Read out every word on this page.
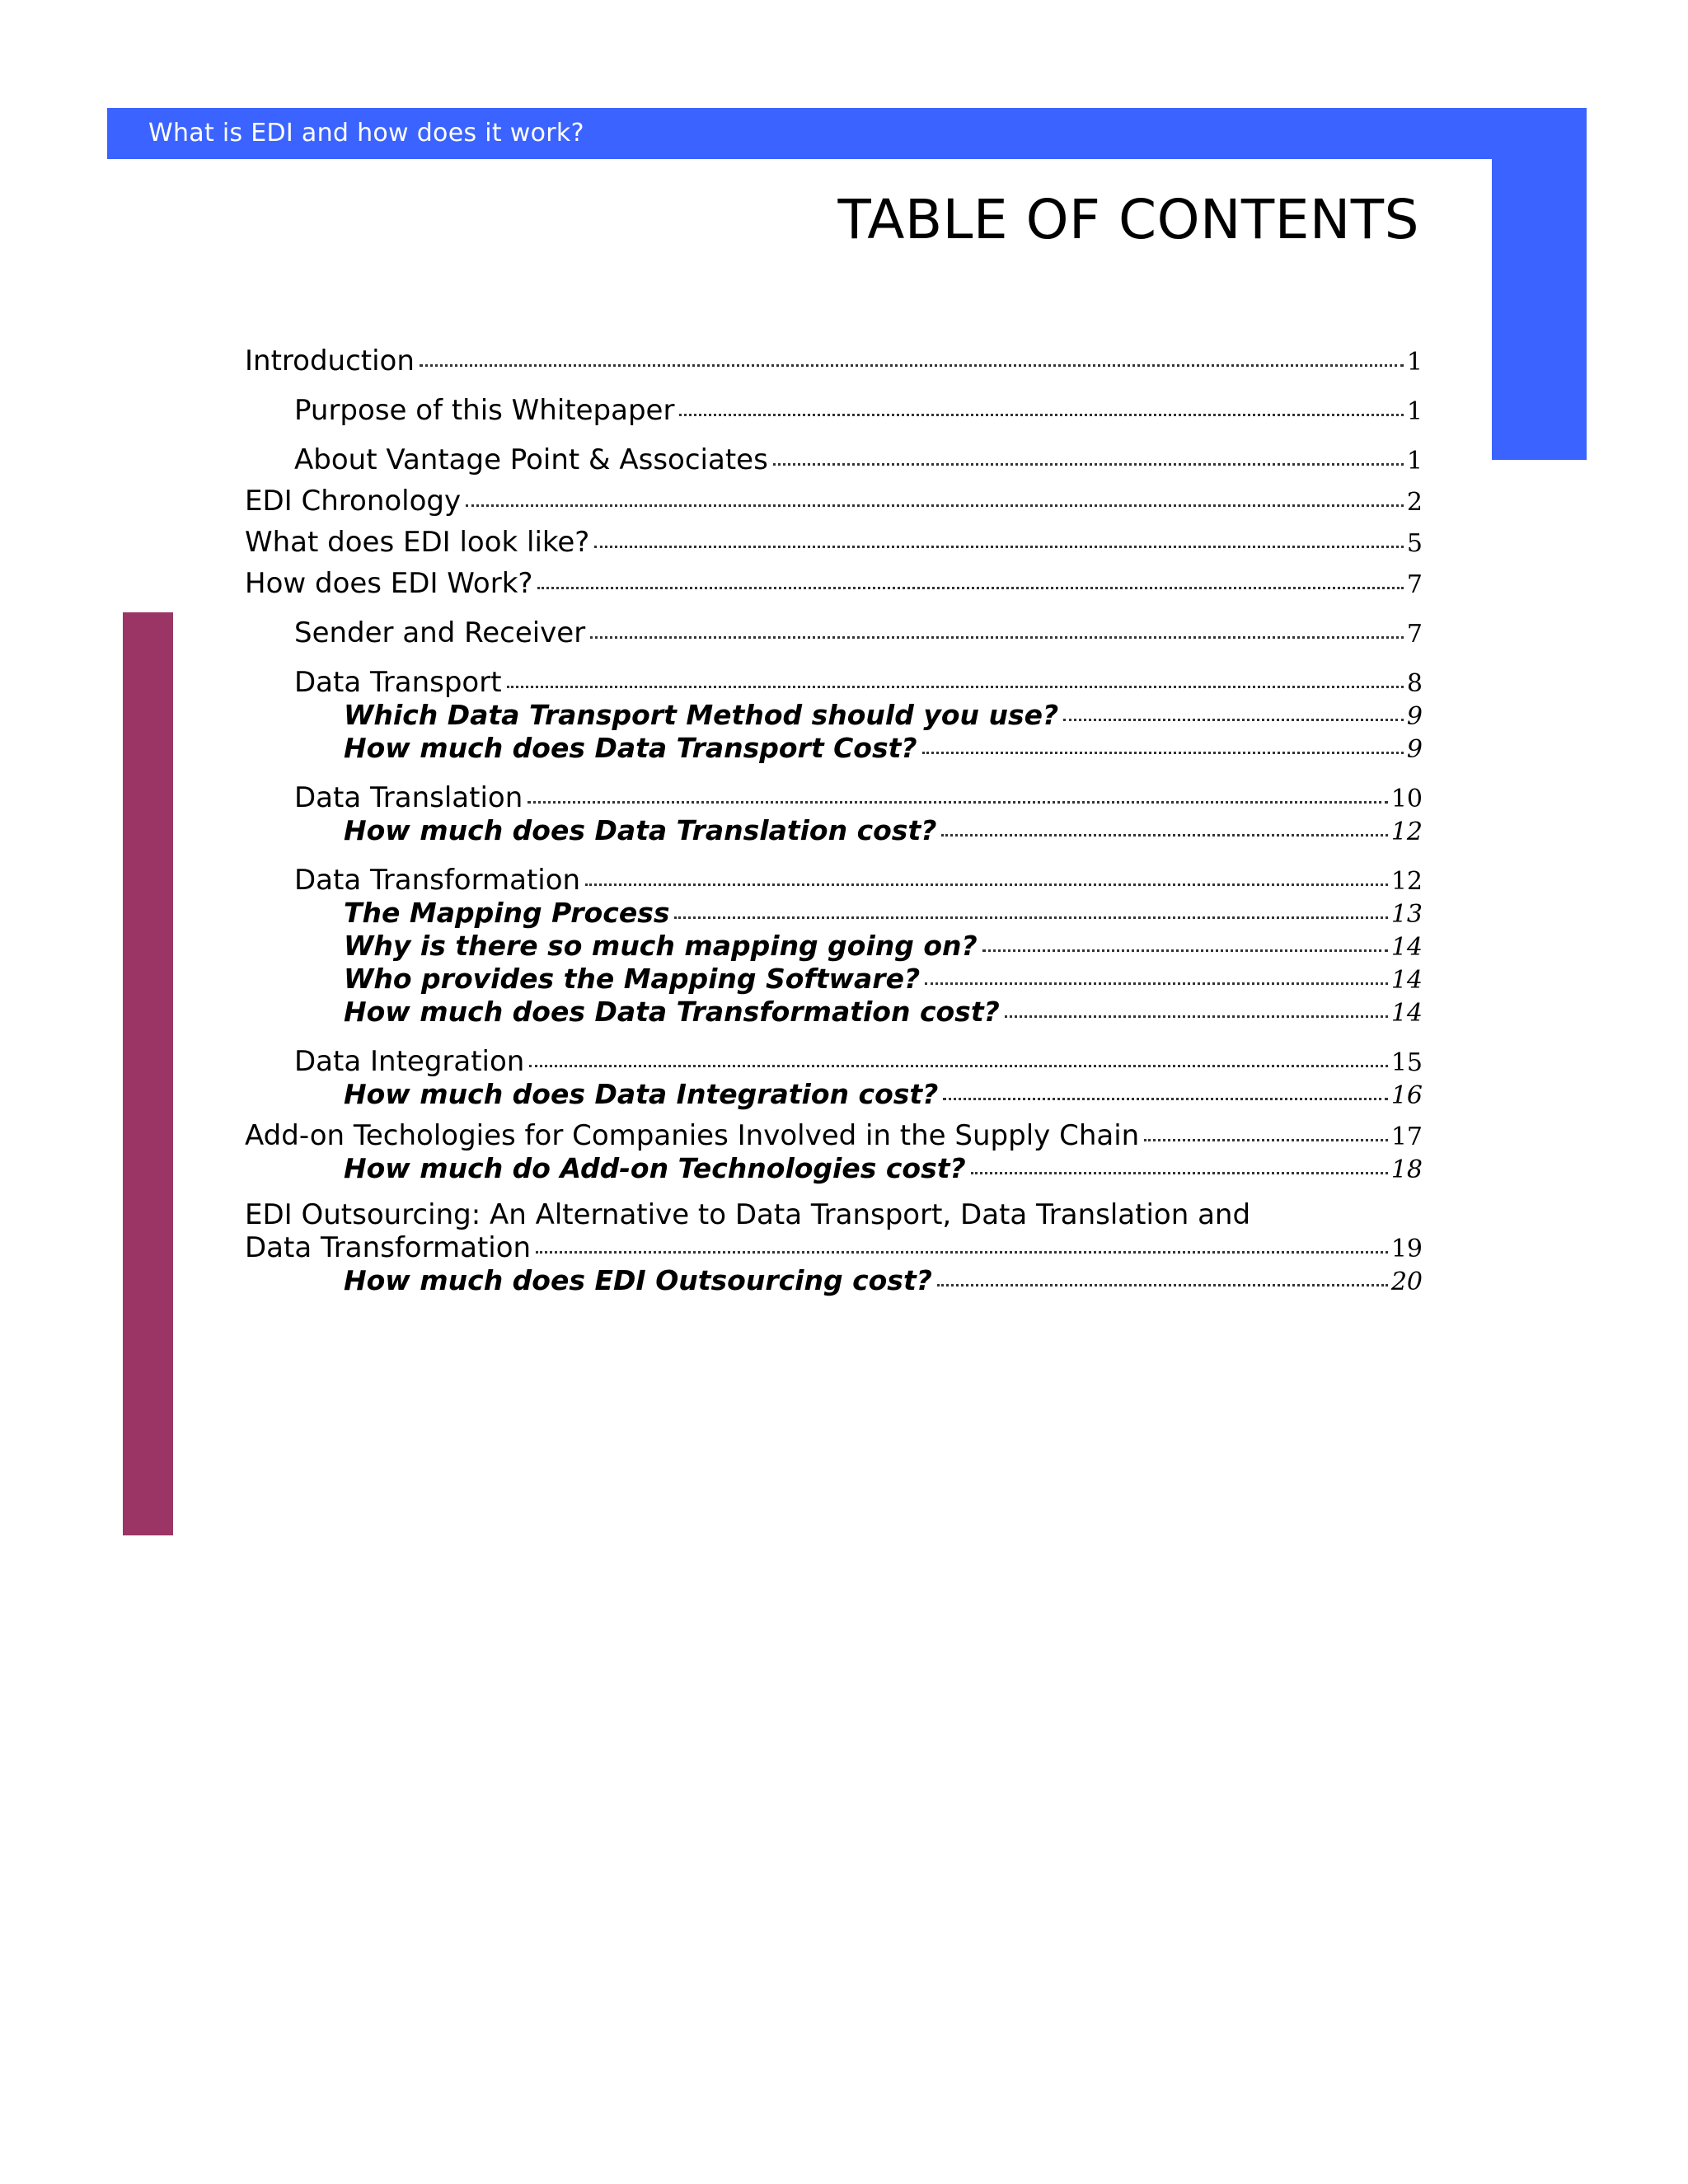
What is EDI and how does it work?
TABLE OF CONTENTS
Introduction	1
Purpose of this Whitepaper	1
About Vantage Point & Associates	1
EDI Chronology	2
What does EDI look like?	5
How does EDI Work?	7
Sender and Receiver	7
Data Transport	8
Which Data Transport Method should you use?	9
How much does Data Transport Cost?	9
Data Translation	10
How much does Data Translation cost?	12
Data Transformation	12
The Mapping Process	13
Why is there so much mapping going on?	14
Who provides the Mapping Software?	14
How much does Data Transformation cost?	14
Data Integration	15
How much does Data Integration cost?	16
Add-on Techologies for Companies Involved in the Supply Chain	17
How much do Add-on Technologies cost?	18
EDI Outsourcing: An Alternative to Data Transport, Data Translation and
Data Transformation	19
How much does EDI Outsourcing cost?	20
